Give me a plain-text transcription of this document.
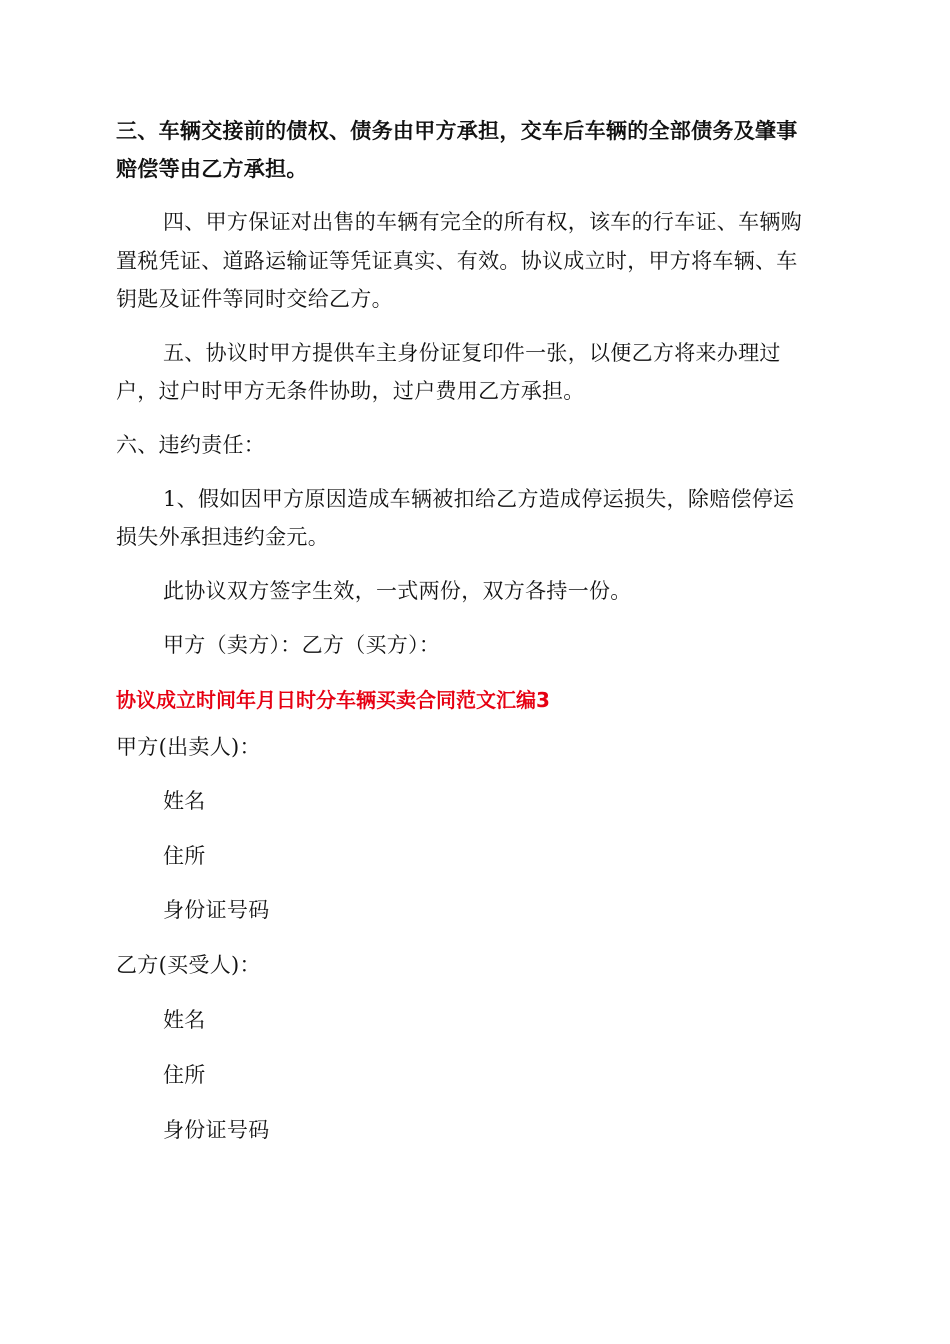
三、车辆交接前的债权、债务由甲方承担，交车后车辆的全部债务及肇事
赔偿等由乙方承担。
四、甲方保证对出售的车辆有完全的所有权，该车的行车证、车辆购
置税凭证、道路运输证等凭证真实、有效。协议成立时，甲方将车辆、车
钥匙及证件等同时交给乙方。
五、协议时甲方提供车主身份证复印件一张，以便乙方将来办理过
户，过户时甲方无条件协助，过户费用乙方承担。
六、违约责任：
1、假如因甲方原因造成车辆被扣给乙方造成停运损失，除赔偿停运
损失外承担违约金元。
此协议双方签字生效，一式两份，双方各持一份。
甲方（卖方）：乙方（买方）：
协议成立时间年月日时分车辆买卖合同范文汇编3
甲方(出卖人)：
姓名
住所
身份证号码
乙方(买受人)：
姓名
住所
身份证号码
